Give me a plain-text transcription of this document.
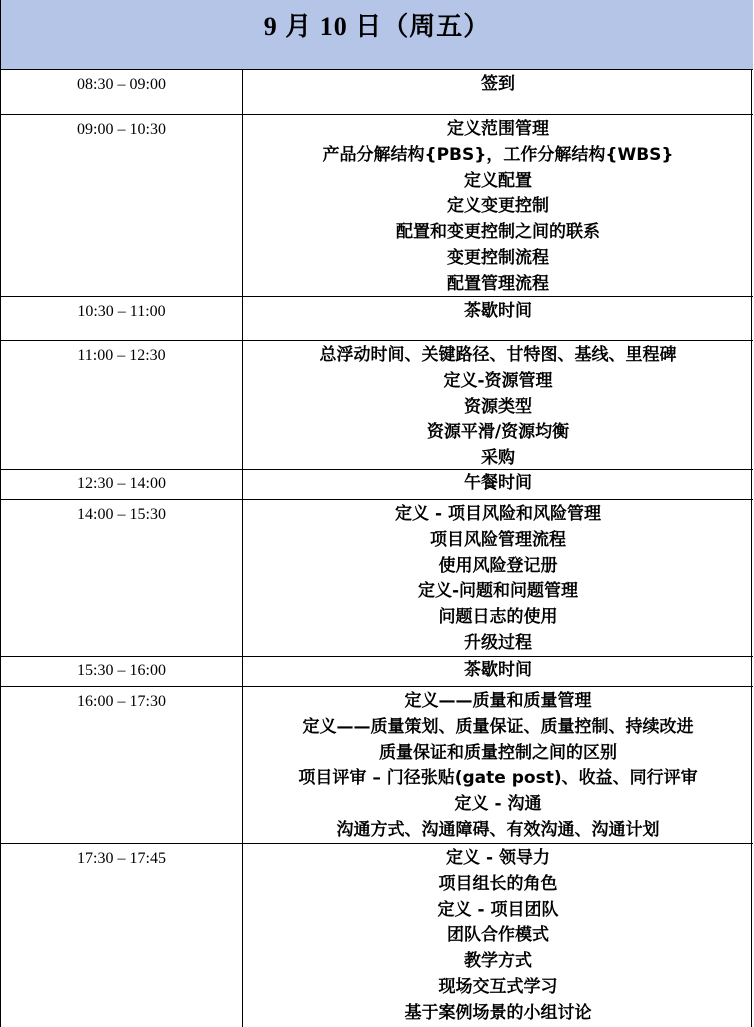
9 月 10 日（周五）
08:30 – 09:00	签到
09:00 – 10:30	定义范围管理
产品分解结构{PBS}，工作分解结构{WBS}
定义配置
定义变更控制
配置和变更控制之间的联系
变更控制流程
配置管理流程
10:30 – 11:00	茶歇时间
11:00 – 12:30	总浮动时间、关键路径、甘特图、基线、里程碑
定义-资源管理
资源类型
资源平滑/资源均衡
采购
12:30 – 14:00	午餐时间
14:00 – 15:30	定义 - 项目风险和风险管理
项目风险管理流程
使用风险登记册
定义-问题和问题管理
问题日志的使用
升级过程
15:30 – 16:00	茶歇时间
16:00 – 17:30	定义——质量和质量管理
定义——质量策划、质量保证、质量控制、持续改进
质量保证和质量控制之间的区别
项目评审 – 门径张贴(gate post)、收益、同行评审
定义 - 沟通
沟通方式、沟通障碍、有效沟通、沟通计划
17:30 – 17:45	定义 - 领导力
项目组长的角色
定义 - 项目团队
团队合作模式
教学方式
现场交互式学习
基于案例场景的小组讨论
